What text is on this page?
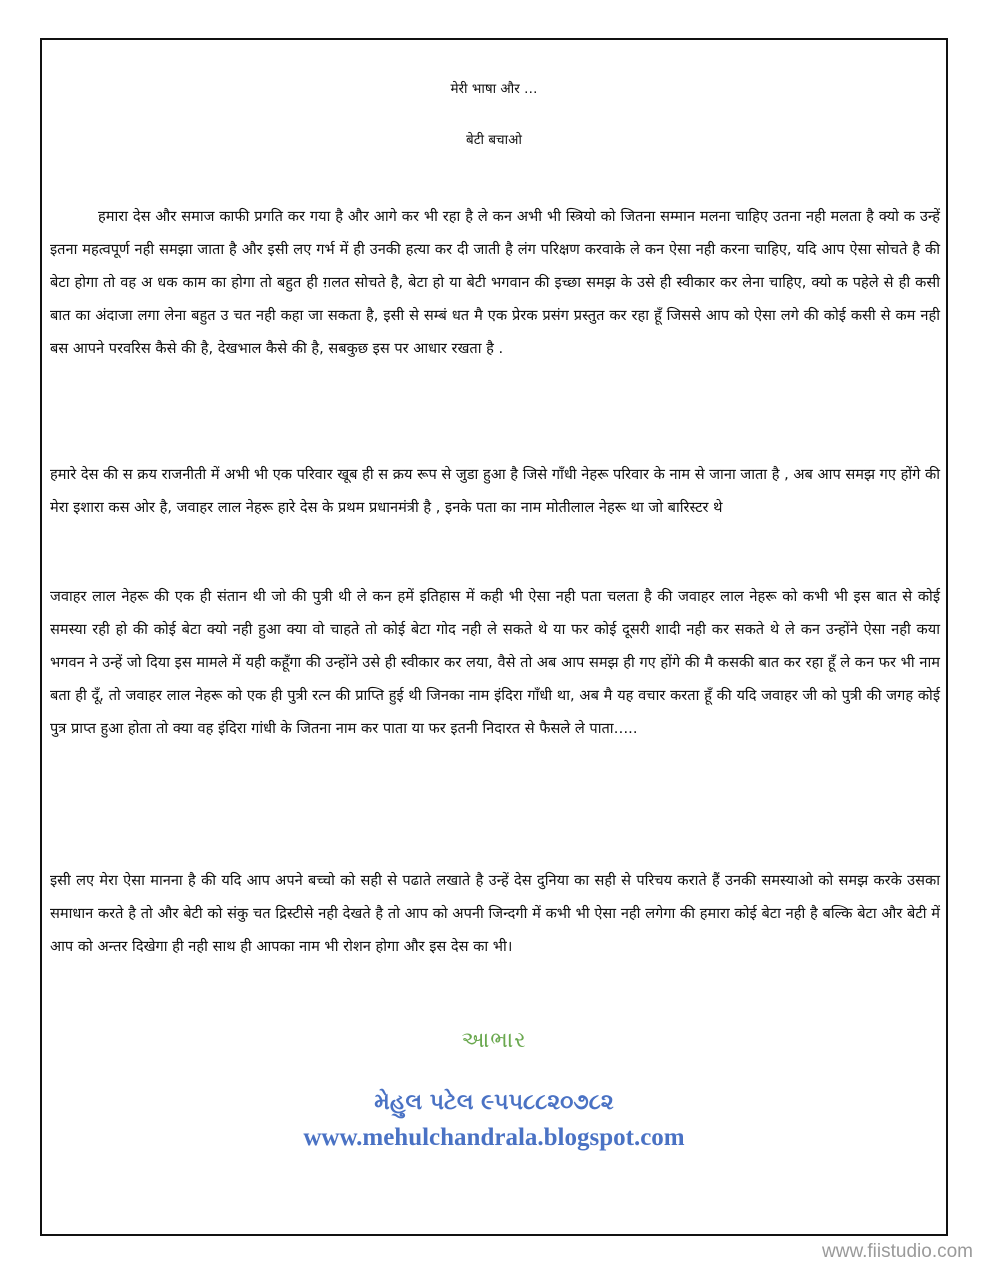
मेरी भाषा और …
बेटी बचाओ

हमारा देस और समाज काफी प्रगति कर गया है और आगे कर भी रहा है ले कन अभी भी स्त्रियो को जितना सम्मान मलना चाहिए उतना नही मलता है क्यो क उन्हें इतना महत्वपूर्ण नही समझा जाता है और इसी लए गर्भ में ही उनकी हत्या कर दी जाती है लंग परिक्षण करवाके ले कन ऐसा नही करना चाहिए, यदि आप ऐसा सोचते है की बेटा होगा तो वह अ धक काम का होगा तो बहुत ही ग़लत सोचते है, बेटा हो या बेटी भगवान की इच्छा समझ के उसे ही स्वीकार कर लेना चाहिए, क्यो क पहेले से ही कसी बात का अंदाजा लगा लेना बहुत उ चत नही कहा जा सकता है, इसी से सम्बं धत मै एक प्रेरक प्रसंग प्रस्तुत कर रहा हूँ जिससे आप को ऐसा लगे की कोई कसी से कम नही बस आपने परवरिस कैसे की है, देखभाल कैसे की है, सबकुछ इस पर आधार रखता है .

हमारे देस की स क्रय राजनीती में अभी भी एक परिवार खूब ही स क्रय रूप से जुडा हुआ है जिसे गाँधी नेहरू परिवार के नाम से जाना जाता है , अब आप समझ गए होंगे की मेरा इशारा कस ओर है, जवाहर लाल नेहरू हारे देस के प्रथम प्रधानमंत्री है , इनके पता का नाम मोतीलाल नेहरू था जो बारिस्टर थे

जवाहर लाल नेहरू की एक ही संतान थी जो की पुत्री थी ले कन हमें इतिहास में कही भी ऐसा नही पता चलता है की जवाहर लाल नेहरू को कभी भी इस बात से कोई समस्या रही हो की कोई बेटा क्यो नही हुआ क्या वो चाहते तो कोई बेटा गोद नही ले सकते थे या फर कोई दूसरी शादी नही कर सकते थे ले कन उन्होंने ऐसा नही कया भगवन ने उन्हें जो दिया इस मामले में यही कहूँगा की उन्होंने उसे ही स्वीकार कर लया, वैसे तो अब आप समझ ही गए होंगे की मै कसकी बात कर रहा हूँ ले कन फर भी नाम बता ही दूँ, तो जवाहर लाल नेहरू को एक ही पुत्री रत्न की प्राप्ति हुई थी जिनका नाम इंदिरा गाँधी था, अब मै यह वचार करता हूँ की यदि जवाहर जी को पुत्री की जगह कोई पुत्र प्राप्त हुआ होता तो क्या वह इंदिरा गांधी के जितना नाम कर पाता या फर इतनी निदारत से फैसले ले पाता…..

इसी लए मेरा ऐसा मानना है की यदि आप अपने बच्चो को सही से पढाते लखाते है उन्हें देस दुनिया का सही से परिचय कराते हैं उनकी समस्याओ को समझ करके उसका समाधान करते है तो और बेटी को संकु चत द्रिस्टीसे नही देखते है तो आप को अपनी जिन्दगी में कभी भी ऐसा नही लगेगा की हमारा कोई बेटा नही है बल्कि बेटा और बेटी में आप को अन्तर दिखेगा ही नही साथ ही आपका नाम भी रोशन होगा और इस देस का भी।

આભાર
મેહુલ પટેલ ૯૫૫૮૮૨૦૭૮૨
www.mehulchandrala.blogspot.com
www.fiistudio.com
